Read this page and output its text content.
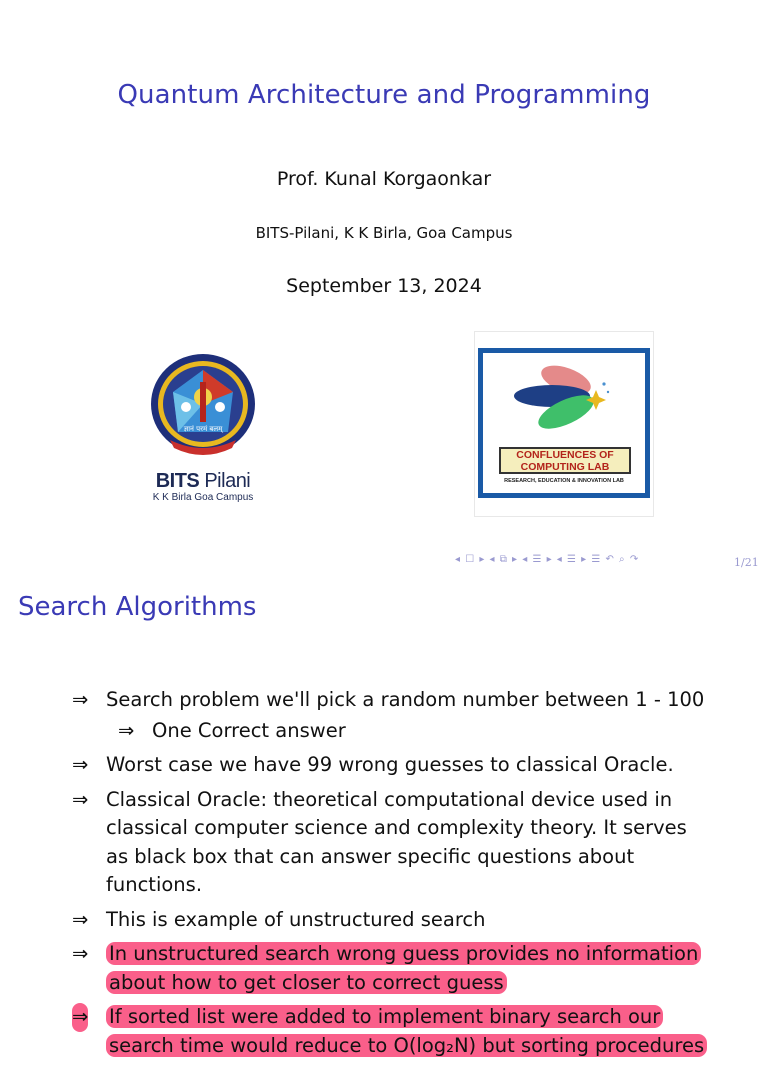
Quantum Architecture and Programming
Prof. Kunal Korgaonkar
BITS-Pilani, K K Birla, Goa Campus
September 13, 2024
ज्ञानं परमं बलम्
BITS Pilani
K K Birla Goa Campus
CONFLUENCES OF
COMPUTING LAB
RESEARCH, EDUCATION & INNOVATION LAB
◂ ☐ ▸ ◂ ⧉ ▸ ◂ ☰ ▸ ◂ ☰ ▸ ☰ ↶ ⌕ ↷	1/21
Search Algorithms
⇒ Search problem we'll pick a random number between 1 - 100
⇒ One Correct answer
⇒ Worst case we have 99 wrong guesses to classical Oracle.
⇒ Classical Oracle: theoretical computational device used in classical computer science and complexity theory. It serves as black box that can answer specific questions about functions.
⇒ This is example of unstructured search
⇒ In unstructured search wrong guess provides no information about how to get closer to correct guess
⇒ If sorted list were added to implement binary search our search time would reduce to O(log₂N) but sorting procedures
